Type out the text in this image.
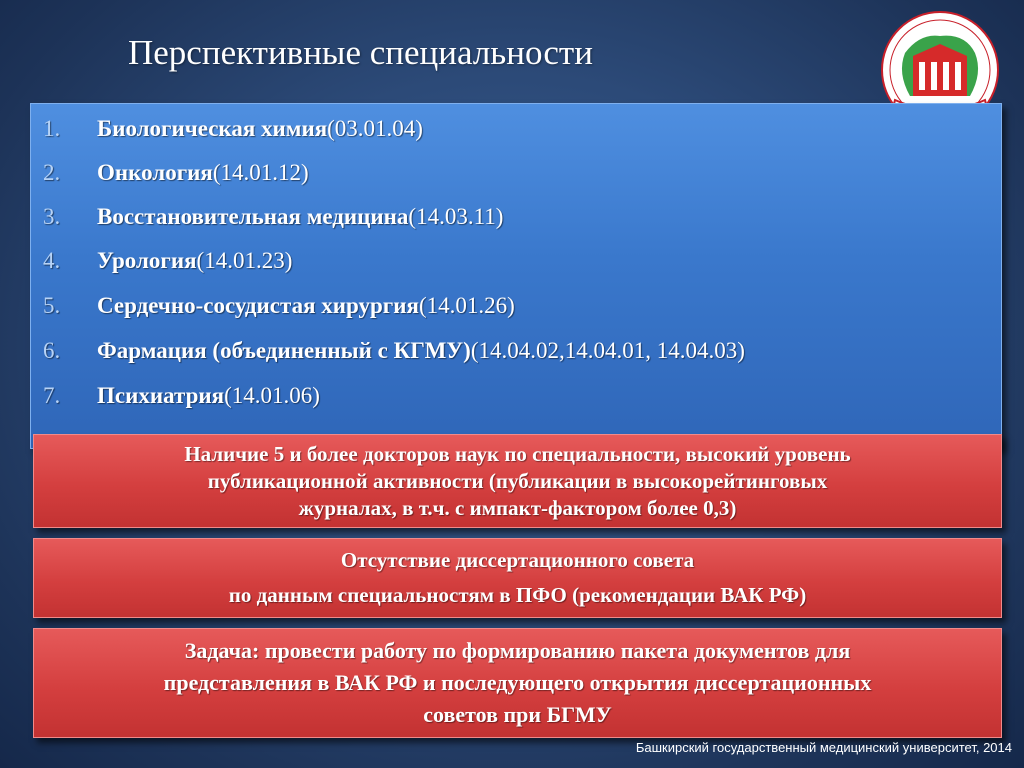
Перспективные специальности
1.	Биологическая химия (03.01.04)
2.	Онкология (14.01.12)
3.	Восстановительная медицина (14.03.11)
4.	Урология (14.01.23)
5.	Сердечно-сосудистая хирургия (14.01.26)
6.	Фармация (объединенный с КГМУ) (14.04.02,14.04.01, 14.04.03)
7.	Психиатрия (14.01.06)
Наличие 5 и более докторов наук по специальности, высокий уровень
публикационной активности (публикации в высокорейтинговых
журналах, в т.ч. с импакт-фактором более 0,3)
Отсутствие диссертационного совета
по данным специальностям в ПФО (рекомендации ВАК РФ)
Задача: провести работу по формированию пакета документов для
представления в ВАК РФ и последующего открытия диссертационных
советов при БГМУ
Башкирский государственный медицинский университет, 2014
